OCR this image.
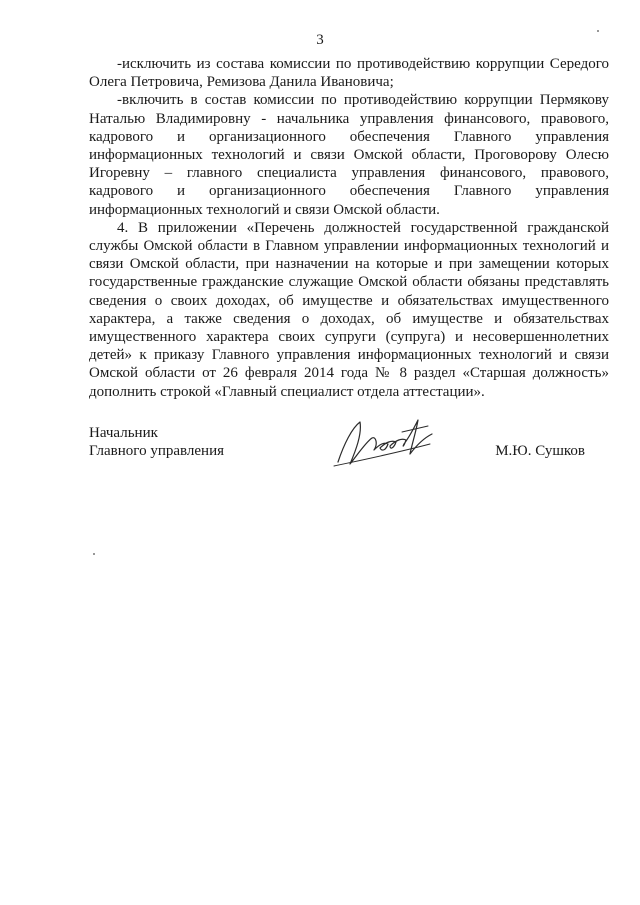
3

-исключить из состава комиссии по противодействию коррупции Середого Олега Петровича, Ремизова Данила Ивановича;

-включить в состав комиссии по противодействию коррупции Пермякову Наталью Владимировну - начальника управления финансового, правового, кадрового и организационного обеспечения Главного управления информационных технологий и связи Омской области, Проговорову Олесю Игоревну – главного специалиста управления финансового, правового, кадрового и организационного обеспечения Главного управления информационных технологий и связи Омской области.

4. В приложении «Перечень должностей государственной гражданской службы Омской области в Главном управлении информационных технологий и связи Омской области, при назначении на которые и при замещении которых государственные гражданские служащие Омской области обязаны представлять сведения о своих доходах, об имуществе и обязательствах имущественного характера, а также сведения о доходах, об имуществе и обязательствах имущественного характера своих супруги (супруга) и несовершеннолетних детей» к приказу Главного управления информационных технологий и связи Омской области от 26 февраля 2014 года № 8 раздел «Старшая должность» дополнить строкой «Главный специалист отдела аттестации».

Начальник
Главного управления	М.Ю. Сушков
